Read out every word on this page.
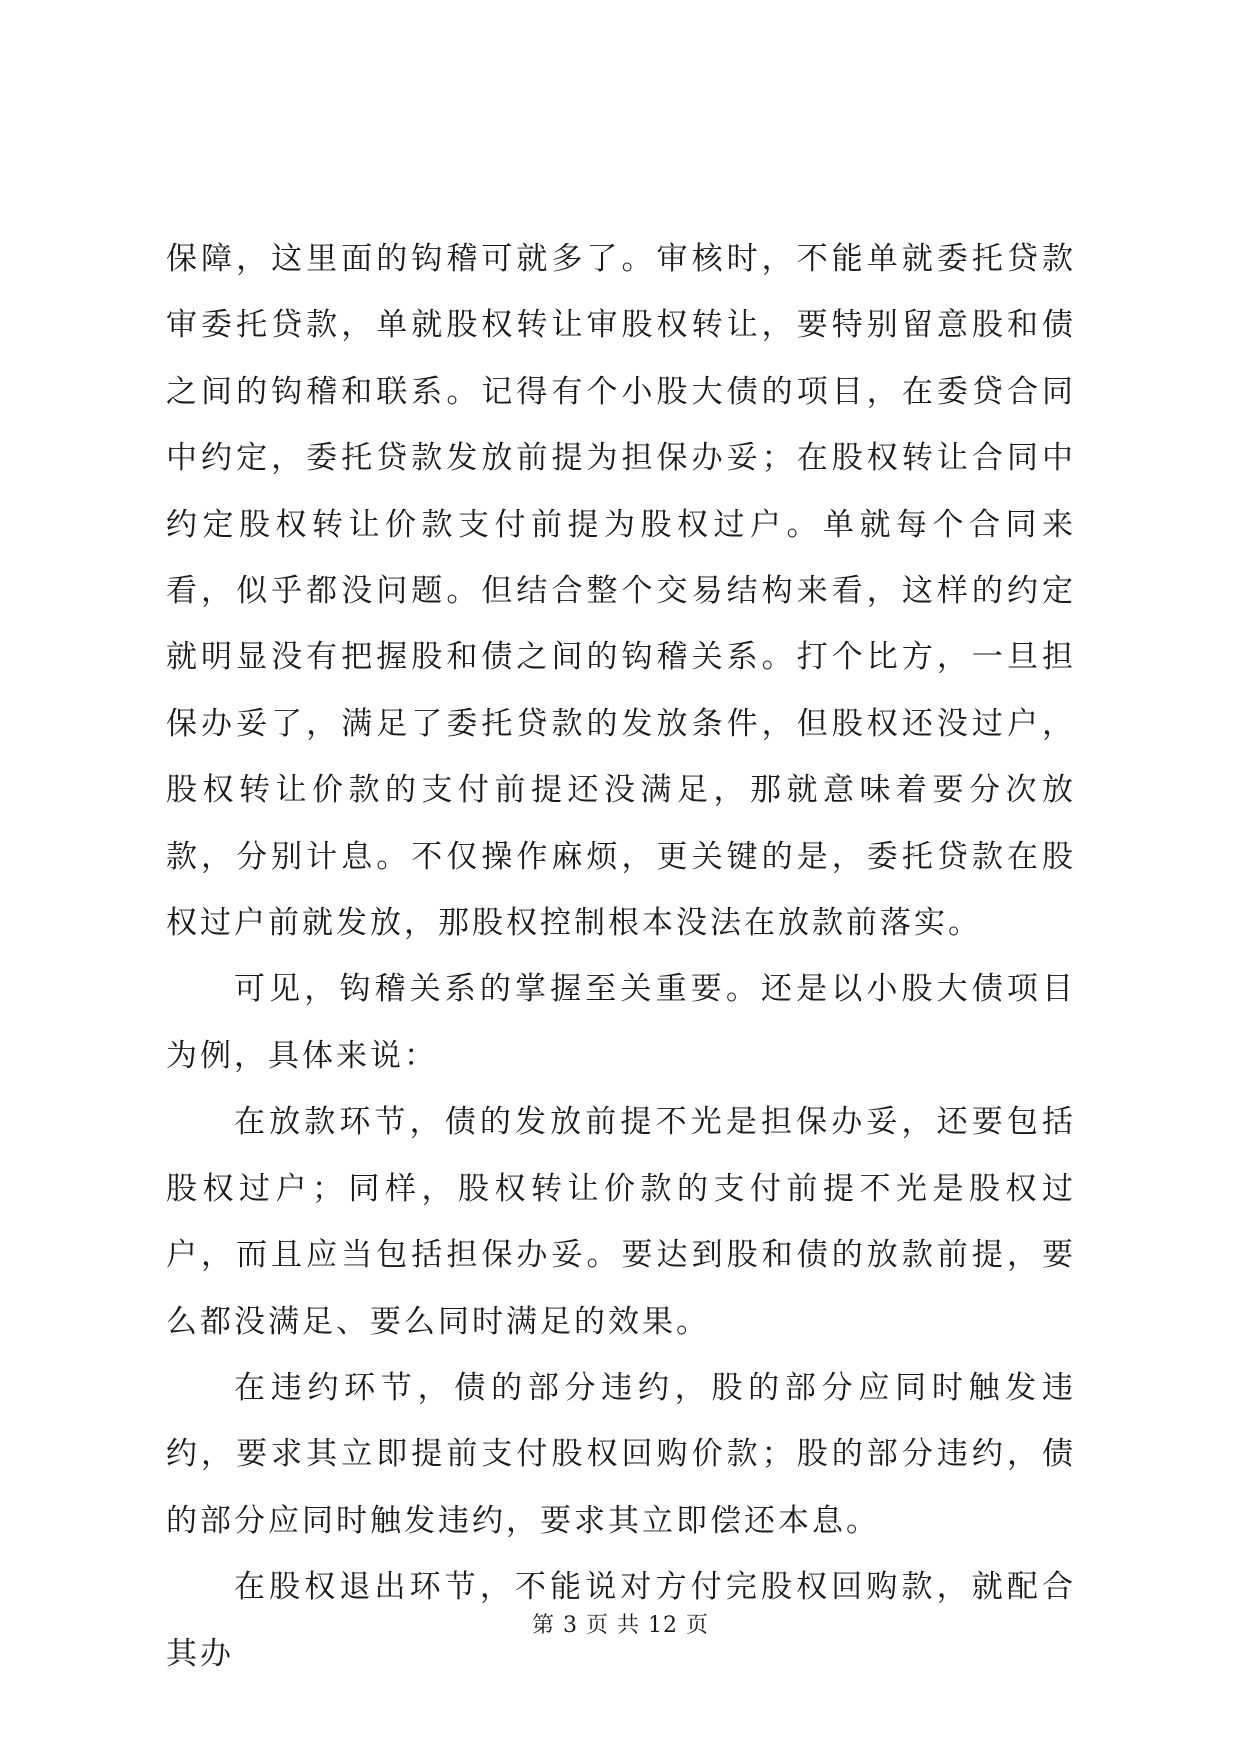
保障，这里面的钩稽可就多了。审核时，不能单就委托贷款审委托贷款，单就股权转让审股权转让，要特别留意股和债之间的钩稽和联系。记得有个小股大债的项目，在委贷合同中约定，委托贷款发放前提为担保办妥；在股权转让合同中约定股权转让价款支付前提为股权过户。单就每个合同来看，似乎都没问题。但结合整个交易结构来看，这样的约定就明显没有把握股和债之间的钩稽关系。打个比方，一旦担保办妥了，满足了委托贷款的发放条件，但股权还没过户，股权转让价款的支付前提还没满足，那就意味着要分次放款，分别计息。不仅操作麻烦，更关键的是，委托贷款在股权过户前就发放，那股权控制根本没法在放款前落实。

可见，钩稽关系的掌握至关重要。还是以小股大债项目为例，具体来说：

在放款环节，债的发放前提不光是担保办妥，还要包括股权过户；同样，股权转让价款的支付前提不光是股权过户，而且应当包括担保办妥。要达到股和债的放款前提，要么都没满足、要么同时满足的效果。

在违约环节，债的部分违约，股的部分应同时触发违约，要求其立即提前支付股权回购价款；股的部分违约，债的部分应同时触发违约，要求其立即偿还本息。

在股权退出环节，不能说对方付完股权回购款，就配合其办

第 3 页 共 12 页
